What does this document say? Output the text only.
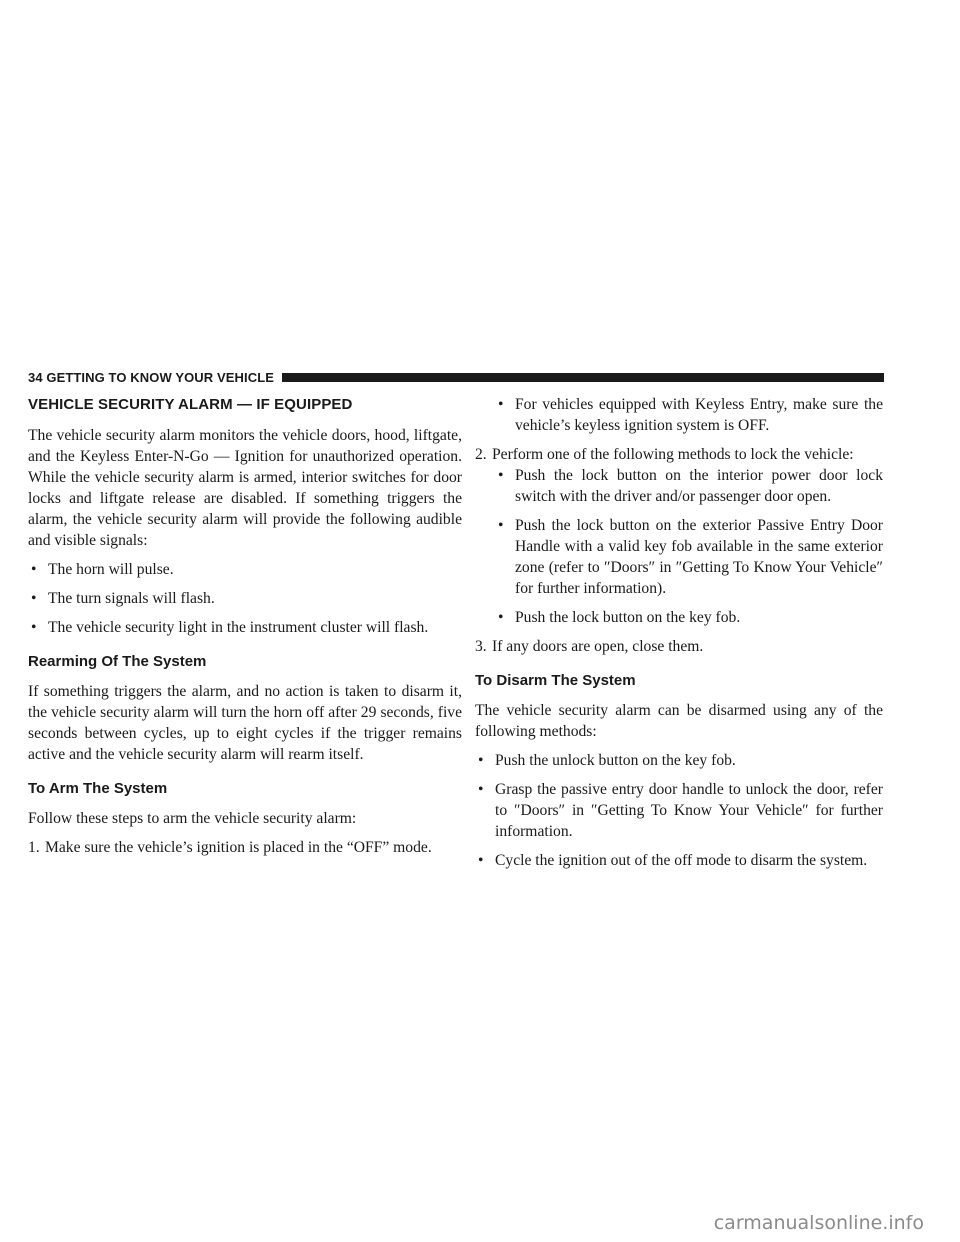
34 GETTING TO KNOW YOUR VEHICLE
VEHICLE SECURITY ALARM — IF EQUIPPED

The vehicle security alarm monitors the vehicle doors, hood, liftgate, and the Keyless Enter-N-Go — Ignition for unauthorized operation. While the vehicle security alarm is armed, interior switches for door locks and liftgate release are disabled. If something triggers the alarm, the vehicle security alarm will provide the following audible and visible signals:

• The horn will pulse.
• The turn signals will flash.
• The vehicle security light in the instrument cluster will flash.
Rearming Of The System

If something triggers the alarm, and no action is taken to disarm it, the vehicle security alarm will turn the horn off after 29 seconds, five seconds between cycles, up to eight cycles if the trigger remains active and the vehicle security alarm will rearm itself.

To Arm The System

Follow these steps to arm the vehicle security alarm:

1. Make sure the vehicle’s ignition is placed in the “OFF” mode.
• For vehicles equipped with Keyless Entry, make sure the vehicle’s keyless ignition system is OFF.
2. Perform one of the following methods to lock the vehicle:
• Push the lock button on the interior power door lock switch with the driver and/or passenger door open.
• Push the lock button on the exterior Passive Entry Door Handle with a valid key fob available in the same exterior zone (refer to ″Doors″ in ″Getting To Know Your Vehicle″ for further information).
• Push the lock button on the key fob.
3. If any doors are open, close them.
To Disarm The System

The vehicle security alarm can be disarmed using any of the following methods:

• Push the unlock button on the key fob.
• Grasp the passive entry door handle to unlock the door, refer to ″Doors″ in ″Getting To Know Your Vehicle″ for further information.
• Cycle the ignition out of the off mode to disarm the system.
carmanualsonline.info
